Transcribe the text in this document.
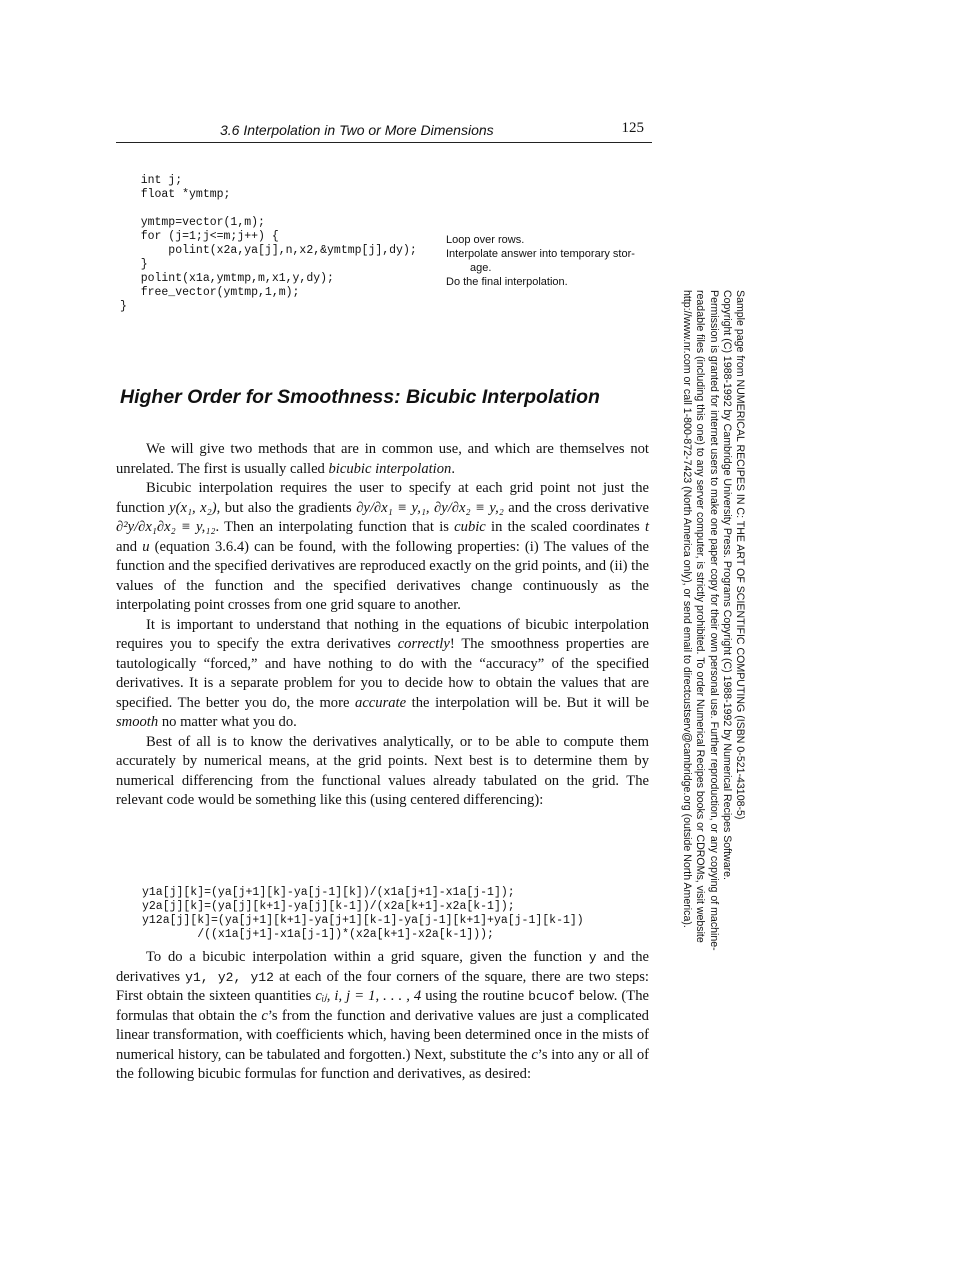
3.6 Interpolation in Two or More Dimensions	125
int j;
float *ymtmp;

ymtmp=vector(1,m);
for (j=1;j<=m;j++) {
polint(x2a,ya[j],n,x2,&ymtmp[j],dy);
}
polint(x1a,ymtmp,m,x1,y,dy);
free_vector(ymtmp,1,m);
}
Loop over rows.
Interpolate answer into temporary stor-
age.
Do the final interpolation.
Higher Order for Smoothness: Bicubic Interpolation

We will give two methods that are in common use, and which are themselves not unrelated. The first is usually called bicubic interpolation.

Bicubic interpolation requires the user to specify at each grid point not just the function y(x₁, x₂), but also the gradients ∂y/∂x₁ ≡ y,₁, ∂y/∂x₂ ≡ y,₂ and the cross derivative ∂²y/∂x₁∂x₂ ≡ y,₁₂. Then an interpolating function that is cubic in the scaled coordinates t and u (equation 3.6.4) can be found, with the following properties: (i) The values of the function and the specified derivatives are reproduced exactly on the grid points, and (ii) the values of the function and the specified derivatives change continuously as the interpolating point crosses from one grid square to another.

It is important to understand that nothing in the equations of bicubic interpolation requires you to specify the extra derivatives correctly! The smoothness properties are tautologically “forced,” and have nothing to do with the “accuracy” of the specified derivatives. It is a separate problem for you to decide how to obtain the values that are specified. The better you do, the more accurate the interpolation will be. But it will be smooth no matter what you do.

Best of all is to know the derivatives analytically, or to be able to compute them accurately by numerical means, at the grid points. Next best is to determine them by numerical differencing from the functional values already tabulated on the grid. The relevant code would be something like this (using centered differencing):

y1a[j][k]=(ya[j+1][k]-ya[j-1][k])/(x1a[j+1]-x1a[j-1]);
y2a[j][k]=(ya[j][k+1]-ya[j][k-1])/(x2a[k+1]-x2a[k-1]);
y12a[j][k]=(ya[j+1][k+1]-ya[j+1][k-1]-ya[j-1][k+1]+ya[j-1][k-1])
/((x1a[j+1]-x1a[j-1])*(x2a[k+1]-x2a[k-1]));

To do a bicubic interpolation within a grid square, given the function y and the derivatives y1, y2, y12 at each of the four corners of the square, there are two steps: First obtain the sixteen quantities cᵢⱼ, i, j = 1, . . . , 4 using the routine bcucof below. (The formulas that obtain the c’s from the function and derivative values are just a complicated linear transformation, with coefficients which, having been determined once in the mists of numerical history, can be tabulated and forgotten.) Next, substitute the c’s into any or all of the following bicubic formulas for function and derivatives, as desired:

Sample page from NUMERICAL RECIPES IN C: THE ART OF SCIENTIFIC COMPUTING (ISBN 0-521-43108-5)
Copyright (C) 1988-1992 by Cambridge University Press. Programs Copyright (C) 1988-1992 by Numerical Recipes Software.
Permission is granted for internet users to make one paper copy for their own personal use. Further reproduction, or any copying of machine-
readable files (including this one) to any server computer, is strictly prohibited. To order Numerical Recipes books or CDROMs, visit website
http://www.nr.com or call 1-800-872-7423 (North America only), or send email to directcustserv@cambridge.org (outside North America).
